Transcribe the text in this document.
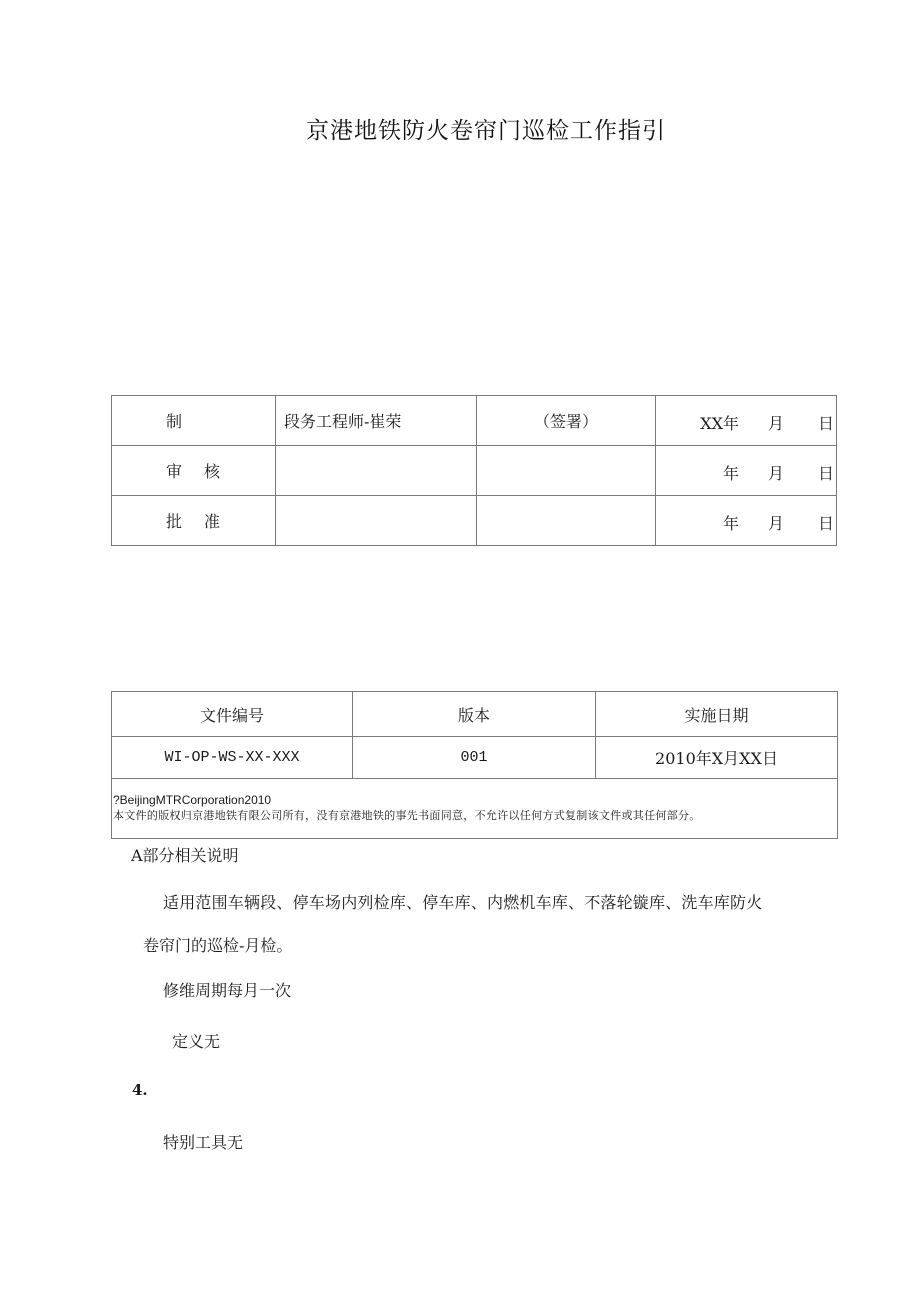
京港地铁防火卷帘门巡检工作指引
制	段务工程师-崔荣	（签署）	XX年 月 日

审 核			年 月 日

批 准			年 月 日
文件编号	版本	实施日期
WI-OP-WS-XX-XXX	001	2010年X月XX日

?BeijingMTRCorporation2010
本文件的版权归京港地铁有限公司所有，没有京港地铁的事先书面同意，不允许以任何方式复制该文件或其任何部分。		
A部分相关说明
适用范围车辆段、停车场内列检库、停车库、内燃机车库、不落轮镟库、洗车库防火
卷帘门的巡检-月检。
修维周期每月一次
定义无
4.
特别工具无
